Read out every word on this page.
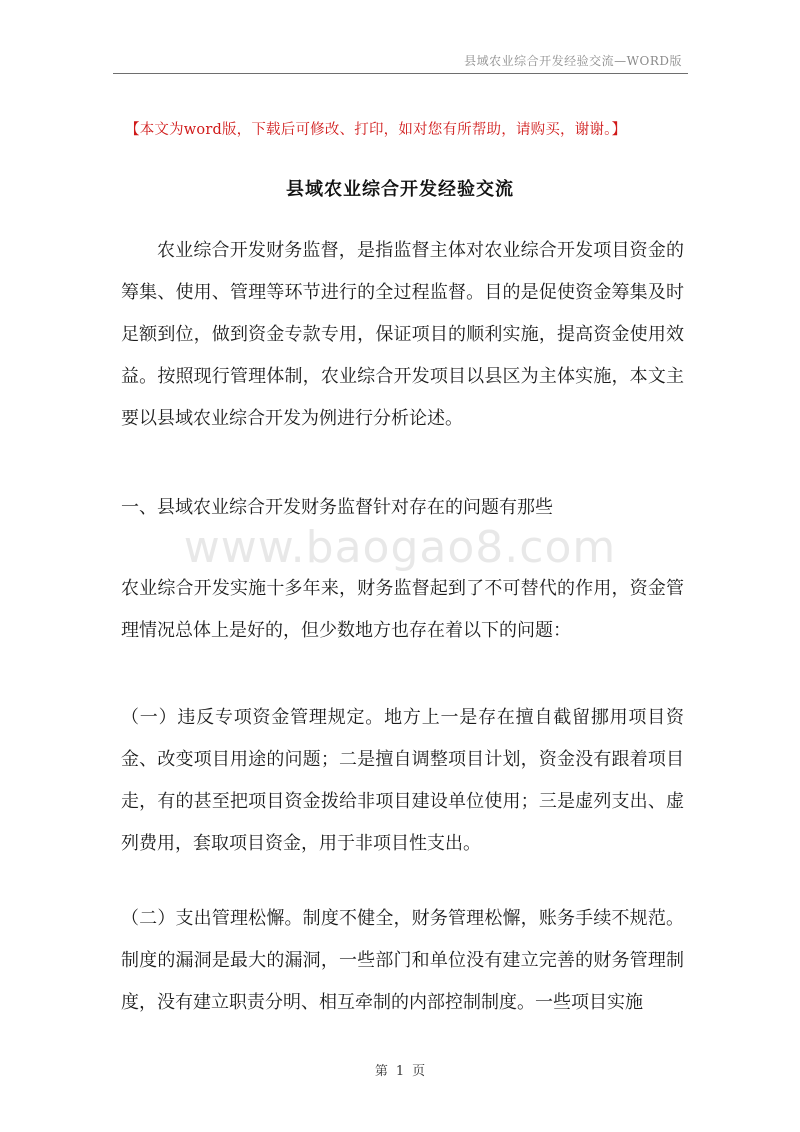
县域农业综合开发经验交流—WORD版
【本文为word版，下载后可修改、打印，如对您有所帮助，请购买，谢谢。】
县域农业综合开发经验交流
农业综合开发财务监督，是指监督主体对农业综合开发项目资金的筹集、使用、管理等环节进行的全过程监督。目的是促使资金筹集及时足额到位，做到资金专款专用，保证项目的顺利实施，提高资金使用效益。按照现行管理体制，农业综合开发项目以县区为主体实施，本文主要以县域农业综合开发为例进行分析论述。
一、县域农业综合开发财务监督针对存在的问题有那些
www.baogao8.com
农业综合开发实施十多年来，财务监督起到了不可替代的作用，资金管理情况总体上是好的，但少数地方也存在着以下的问题：
（一）违反专项资金管理规定。地方上一是存在擅自截留挪用项目资金、改变项目用途的问题；二是擅自调整项目计划，资金没有跟着项目走，有的甚至把项目资金拨给非项目建设单位使用；三是虚列支出、虚列费用，套取项目资金，用于非项目性支出。
（二）支出管理松懈。制度不健全，财务管理松懈，账务手续不规范。制度的漏洞是最大的漏洞，一些部门和单位没有建立完善的财务管理制度，没有建立职责分明、相互牵制的内部控制制度。一些项目实施
第 1 页
